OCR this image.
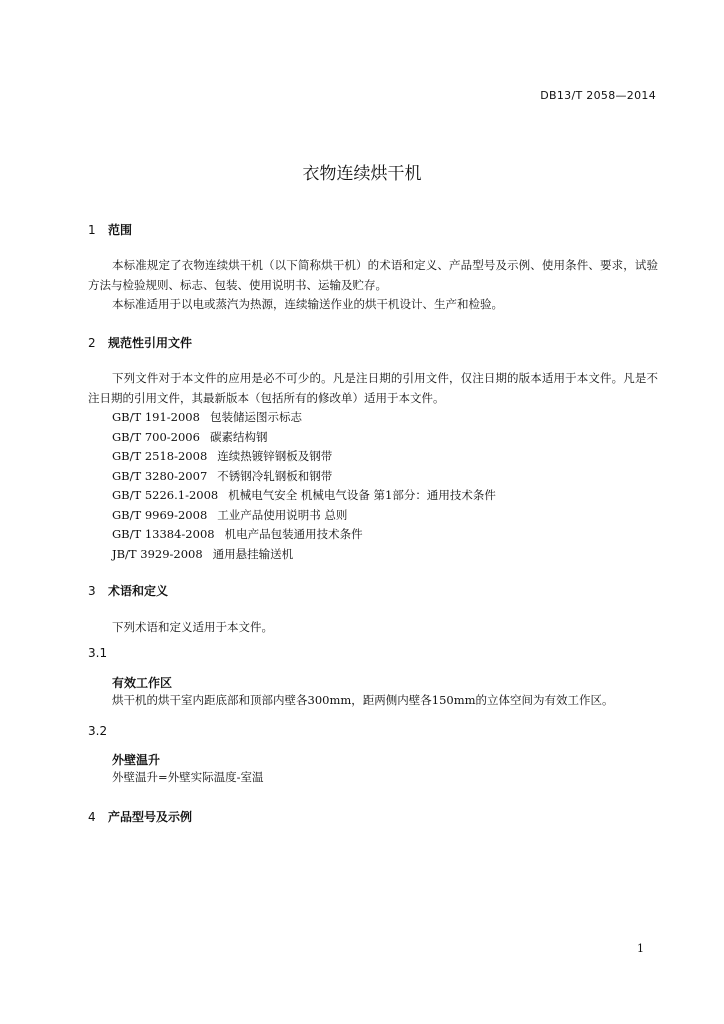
DB13/T 2058—2014
衣物连续烘干机
1 范围
本标准规定了衣物连续烘干机（以下简称烘干机）的术语和定义、产品型号及示例、使用条件、要求，试验方法与检验规则、标志、包装、使用说明书、运输及贮存。
本标准适用于以电或蒸汽为热源，连续输送作业的烘干机设计、生产和检验。
2 规范性引用文件
下列文件对于本文件的应用是必不可少的。凡是注日期的引用文件，仅注日期的版本适用于本文件。凡是不注日期的引用文件，其最新版本（包括所有的修改单）适用于本文件。
GB/T 191-2008 包装储运图示标志
GB/T 700-2006 碳素结构钢
GB/T 2518-2008 连续热镀锌钢板及钢带
GB/T 3280-2007 不锈钢冷轧钢板和钢带
GB/T 5226.1-2008 机械电气安全 机械电气设备 第1部分：通用技术条件
GB/T 9969-2008 工业产品使用说明书 总则
GB/T 13384-2008 机电产品包装通用技术条件
JB/T 3929-2008 通用悬挂输送机
3 术语和定义
下列术语和定义适用于本文件。
3.1
有效工作区
烘干机的烘干室内距底部和顶部内壁各300mm，距两侧内壁各150mm的立体空间为有效工作区。
3.2
外壁温升
外壁温升=外壁实际温度-室温
4 产品型号及示例
1
